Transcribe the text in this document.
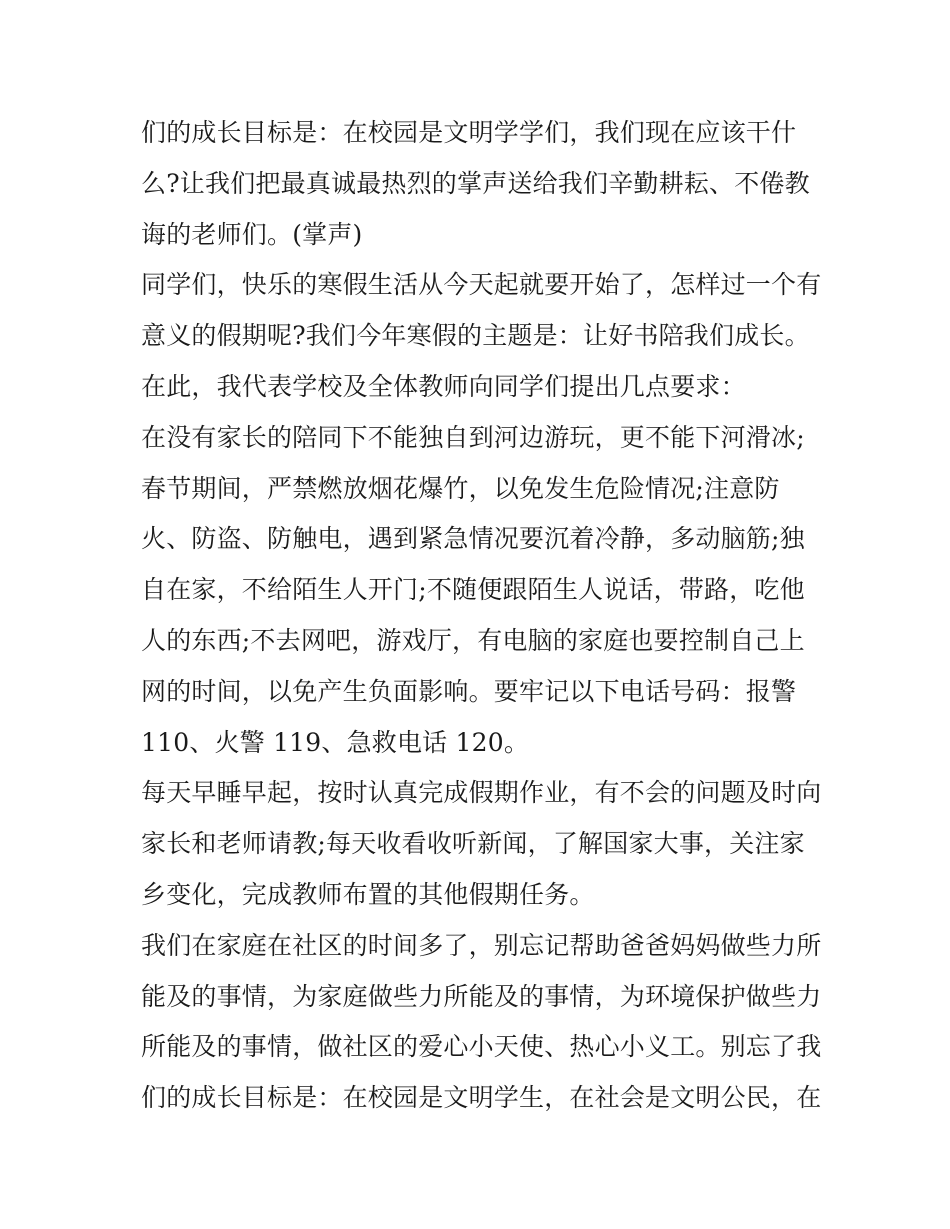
们的成长目标是：在校园是文明学学们，我们现在应该干什
么?让我们把最真诚最热烈的掌声送给我们辛勤耕耘、不倦教
诲的老师们。(掌声)
同学们，快乐的寒假生活从今天起就要开始了，怎样过一个有
意义的假期呢?我们今年寒假的主题是：让好书陪我们成长。
在此，我代表学校及全体教师向同学们提出几点要求：
在没有家长的陪同下不能独自到河边游玩，更不能下河滑冰;
春节期间，严禁燃放烟花爆竹，以免发生危险情况;注意防
火、防盗、防触电，遇到紧急情况要沉着冷静，多动脑筋;独
自在家，不给陌生人开门;不随便跟陌生人说话，带路，吃他
人的东西;不去网吧，游戏厅，有电脑的家庭也要控制自己上
网的时间，以免产生负面影响。要牢记以下电话号码：报警
110、火警 119、急救电话 120。
每天早睡早起，按时认真完成假期作业，有不会的问题及时向
家长和老师请教;每天收看收听新闻，了解国家大事，关注家
乡变化，完成教师布置的其他假期任务。
我们在家庭在社区的时间多了，别忘记帮助爸爸妈妈做些力所
能及的事情，为家庭做些力所能及的事情，为环境保护做些力
所能及的事情，做社区的爱心小天使、热心小义工。别忘了我
们的成长目标是：在校园是文明学生，在社会是文明公民，在
